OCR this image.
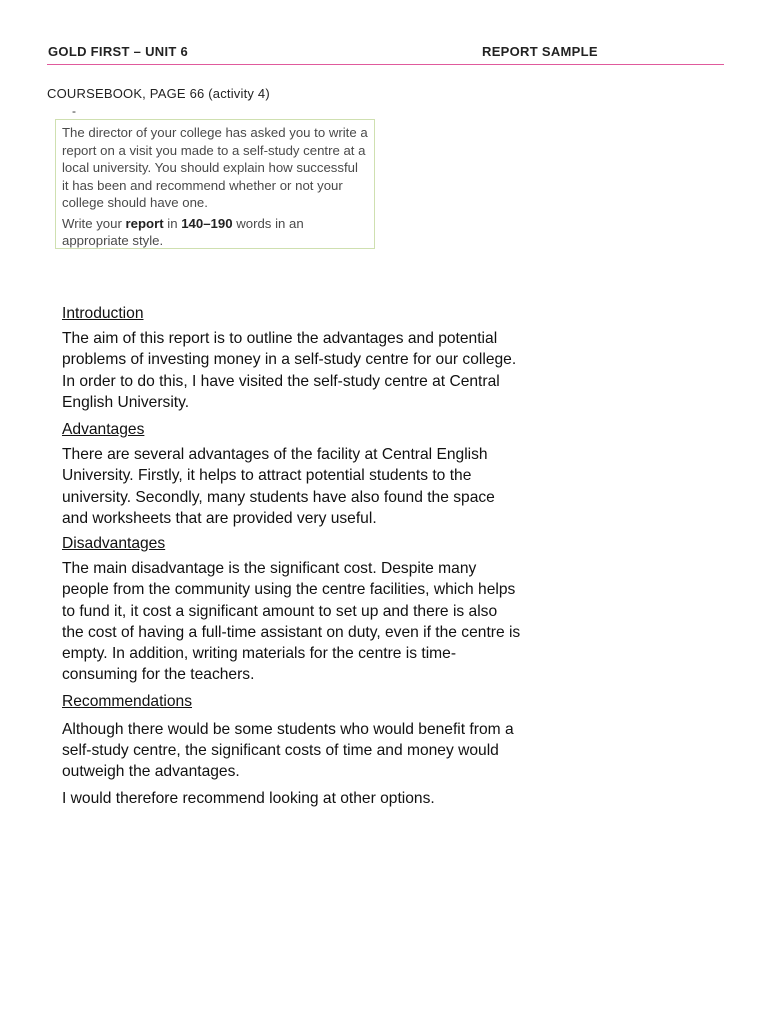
GOLD FIRST – UNIT 6	REPORT SAMPLE
COURSEBOOK, PAGE 66 (activity 4)
-

The director of your college has asked you to write a report on a visit you made to a self-study centre at a local university. You should explain how successful it has been and recommend whether or not your college should have one.

Write your report in 140–190 words in an appropriate style.

Introduction

The aim of this report is to outline the advantages and potential problems of investing money in a self-study centre for our college. In order to do this, I have visited the self-study centre at Central English University.

Advantages

There are several advantages of the facility at Central English University. Firstly, it helps to attract potential students to the university. Secondly, many students have also found the space and worksheets that are provided very useful.

Disadvantages

The main disadvantage is the significant cost. Despite many people from the community using the centre facilities, which helps to fund it, it cost a significant amount to set up and there is also the cost of having a full-time assistant on duty, even if the centre is empty. In addition, writing materials for the centre is time-consuming for the teachers.

Recommendations

Although there would be some students who would benefit from a self-study centre, the significant costs of time and money would outweigh the advantages.

I would therefore recommend looking at other options.
